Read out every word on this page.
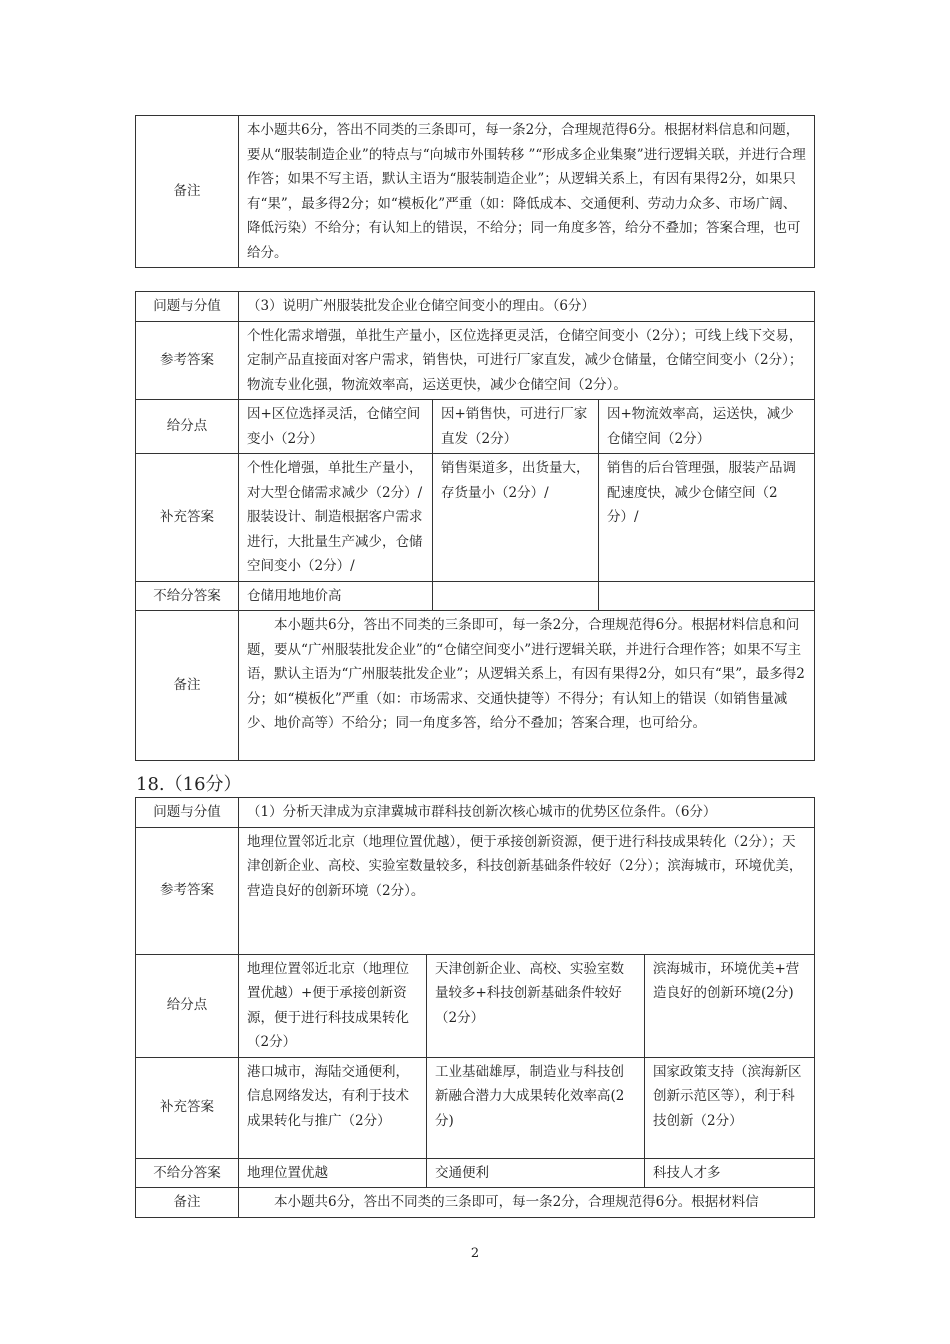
备注	本小题共6分，答出不同类的三条即可，每一条2分，合理规范得6分。根据材料信息和问题，要从“服装制造企业”的特点与“向城市外围转移 ”“形成多企业集聚”进行逻辑关联，并进行合理作答；如果不写主语，默认主语为“服装制造企业”；从逻辑关系上，有因有果得2分，如果只有“果”，最多得2分；如“模板化”严重（如：降低成本、交通便利、劳动力众多、市场广阔、降低污染）不给分；有认知上的错误，不给分；同一角度多答，给分不叠加；答案合理，也可给分。
问题与分值	（3）说明广州服装批发企业仓储空间变小的理由。（6分）		
参考答案	个性化需求增强，单批生产量小，区位选择更灵活，仓储空间变小（2分）；可线上线下交易，定制产品直接面对客户需求，销售快，可进行厂家直发，减少仓储量，仓储空间变小（2分）；物流专业化强，物流效率高，运送更快，减少仓储空间（2分）。		
给分点	因+区位选择灵活，仓储空间变小（2分）	因+销售快，可进行厂家直发（2分）	因+物流效率高，运送快，减少仓储空间（2分）
补充答案	个性化增强，单批生产量小，对大型仓储需求减少（2分）/服装设计、制造根据客户需求进行，大批量生产减少，仓储空间变小（2分）/	销售渠道多，出货量大，存货量小（2分）/	销售的后台管理强，服装产品调配速度快，减少仓储空间（2分）/
不给分答案	仓储用地地价高		
备注	本小题共6分，答出不同类的三条即可，每一条2分，合理规范得6分。根据材料信息和问题，要从“广州服装批发企业”的“仓储空间变小”进行逻辑关联，并进行合理作答；如果不写主语，默认主语为“广州服装批发企业”；从逻辑关系上，有因有果得2分，如只有“果”，最多得2分；如“模板化”严重（如：市场需求、交通快捷等）不得分；有认知上的错误（如销售量减少、地价高等）不给分；同一角度多答，给分不叠加；答案合理，也可给分。		
18.（16分）
问题与分值	（1）分析天津成为京津冀城市群科技创新次核心城市的优势区位条件。（6分）		
参考答案	地理位置邻近北京（地理位置优越），便于承接创新资源，便于进行科技成果转化（2分）；天津创新企业、高校、实验室数量较多，科技创新基础条件较好（2分）；滨海城市，环境优美，营造良好的创新环境（2分）。		
给分点	地理位置邻近北京（地理位置优越）+便于承接创新资源，便于进行科技成果转化（2分）	天津创新企业、高校、实验室数量较多+科技创新基础条件较好（2分）	滨海城市，环境优美+营造良好的创新环境(2分)
补充答案	港口城市，海陆交通便利，信息网络发达，有利于技术成果转化与推广（2分）	工业基础雄厚，制造业与科技创新融合潜力大成果转化效率高(2分)	国家政策支持（滨海新区创新示范区等），利于科技创新（2分）
不给分答案	地理位置优越	交通便利	科技人才多
备注	本小题共6分，答出不同类的三条即可，每一条2分，合理规范得6分。根据材料信		
2
